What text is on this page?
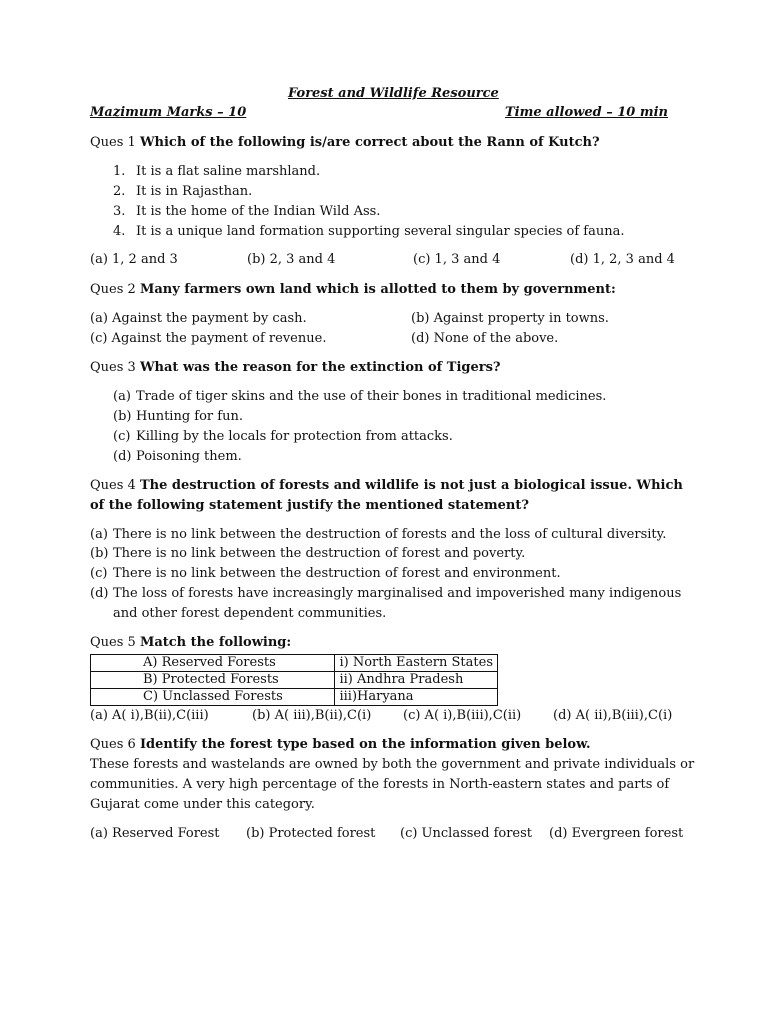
Forest and Wildlife Resource
Mazimum Marks – 10	Time allowed – 10 min
Ques 1 Which of the following is/are correct about the Rann of Kutch?
1. It is a flat saline marshland.
2. It is in Rajasthan.
3. It is the home of the Indian Wild Ass.
4. It is a unique land formation supporting several singular species of fauna.
(a) 1, 2 and 3	(b) 2, 3 and 4	(c) 1, 3 and 4	(d) 1, 2, 3 and 4
Ques 2 Many farmers own land which is allotted to them by government:
(a) Against the payment by cash.	(b) Against property in towns.
(c) Against the payment of revenue.	(d) None of the above.
Ques 3 What was the reason for the extinction of Tigers?
(a) Trade of tiger skins and the use of their bones in traditional medicines.
(b) Hunting for fun.
(c) Killing by the locals for protection from attacks.
(d) Poisoning them.
Ques 4 The destruction of forests and wildlife is not just a biological issue. Which
of the following statement justify the mentioned statement?
(a) There is no link between the destruction of forests and the loss of cultural diversity.
(b) There is no link between the destruction of forest and poverty.
(c) There is no link between the destruction of forest and environment.
(d) The loss of forests have increasingly marginalised and impoverished many indigenous
and other forest dependent communities.
Ques 5 Match the following:
A) Reserved Forests	i) North Eastern States
B) Protected Forests	ii) Andhra Pradesh
C) Unclassed Forests	iii)Haryana
(a) A( i),B(ii),C(iii)	(b) A( iii),B(ii),C(i) (c) A( i),B(iii),C(ii) (d) A( ii),B(iii),C(i)
Ques 6 Identify the forest type based on the information given below.
These forests and wastelands are owned by both the government and private individuals or
communities. A very high percentage of the forests in North-eastern states and parts of
Gujarat come under this category.
(a) Reserved Forest (b) Protected forest (c) Unclassed forest (d) Evergreen forest
